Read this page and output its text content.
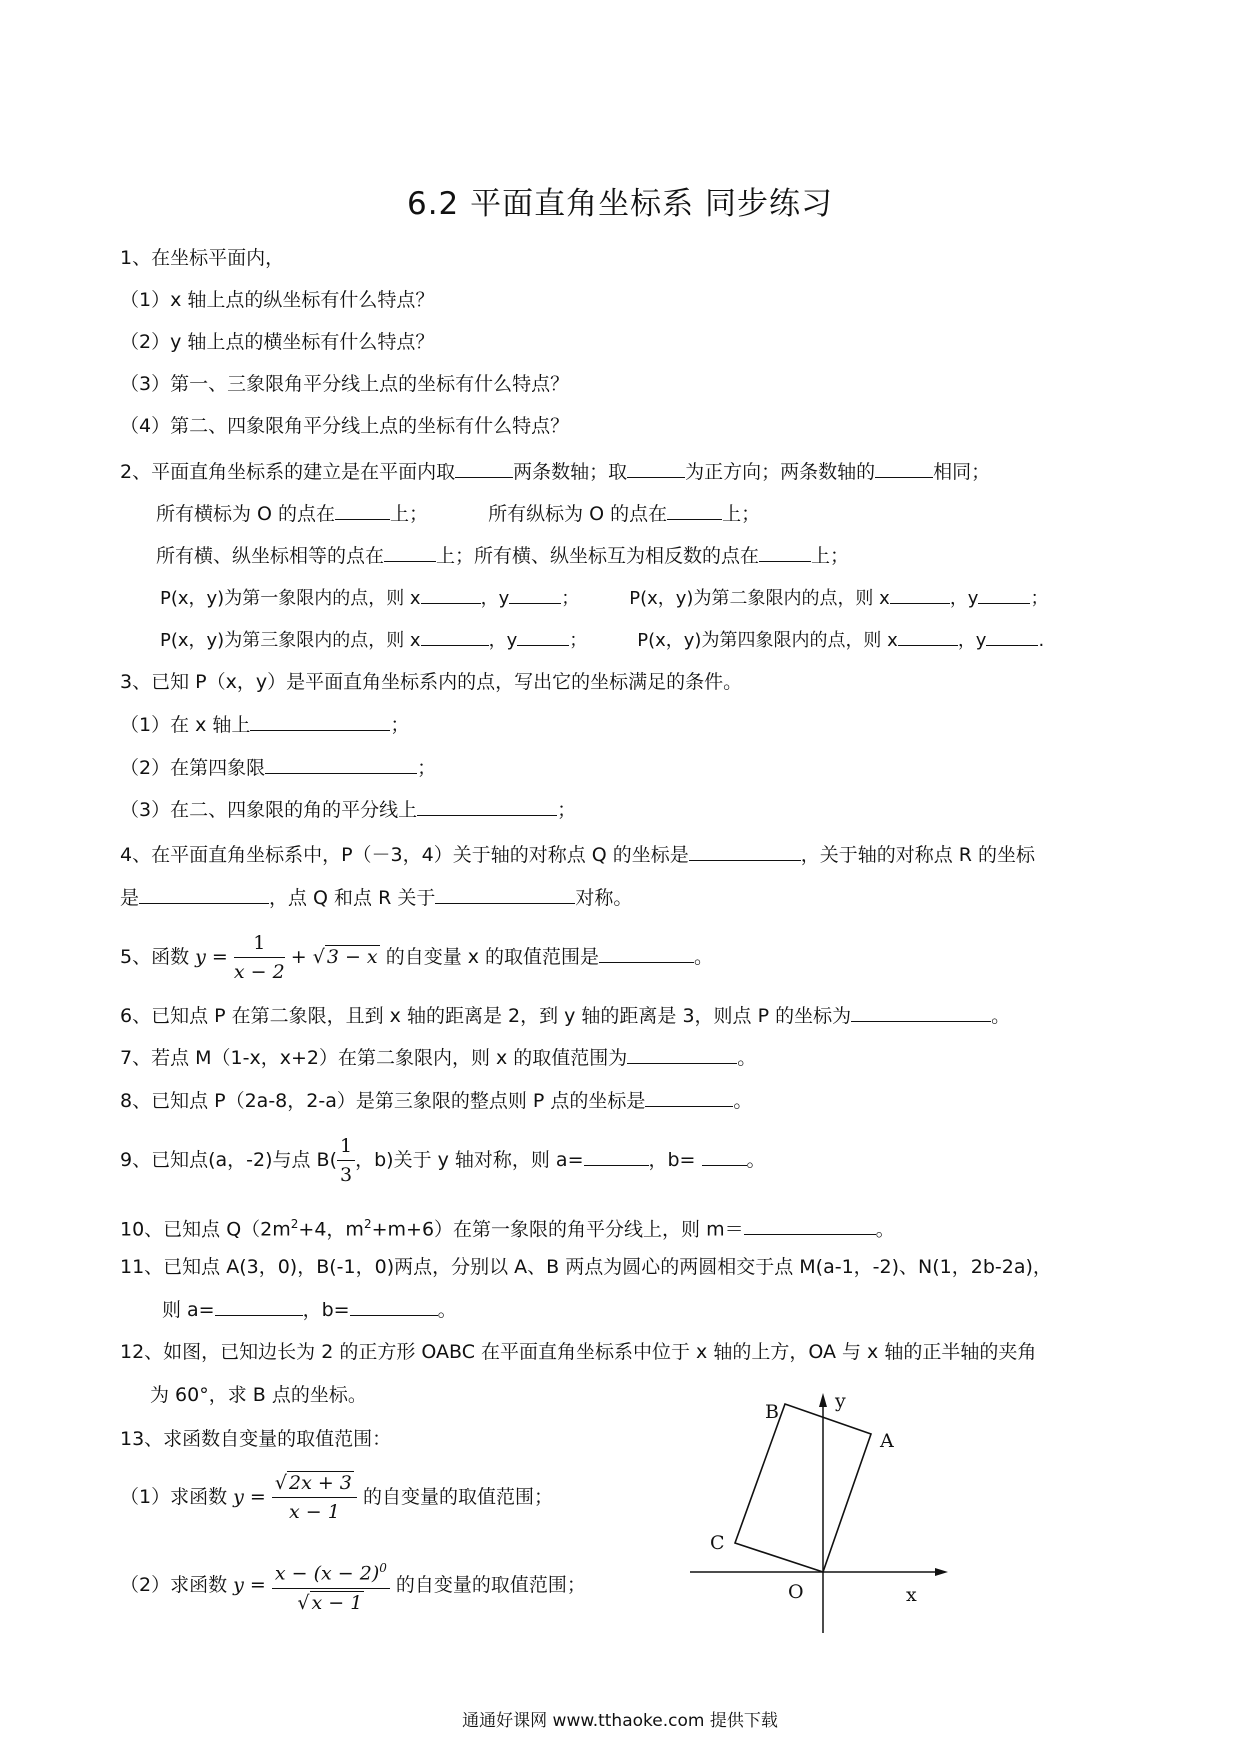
6.2 平面直角坐标系 同步练习
1、在坐标平面内，
（1）x 轴上点的纵坐标有什么特点？
（2）y 轴上点的横坐标有什么特点？
（3）第一、三象限角平分线上点的坐标有什么特点？
（4）第二、四象限角平分线上点的坐标有什么特点？
2、平面直角坐标系的建立是在平面内取	两条数轴；取	为正方向；两条数轴的	相同；
所有横标为 O 的点在	上；	所有纵标为 O 的点在	上；
所有横、纵坐标相等的点在	上；所有横、纵坐标互为相反数的点在	上；
P(x，y)为第一象限内的点，则 x	，y	；	P(x，y)为第二象限内的点，则 x	，y	；
P(x，y)为第三象限内的点，则 x	，y	；	P(x，y)为第四象限内的点，则 x	，y	.
3、已知 P（x，y）是平面直角坐标系内的点，写出它的坐标满足的条件。
（1）在 x 轴上	；
（2）在第四象限	；
（3）在二、四象限的角的平分线上	；
4、在平面直角坐标系中，P（－3，4）关于轴的对称点 Q 的坐标是	，关于轴的对称点 R 的坐标
是	，点 Q 和点 R 关于	对称。
5、函数 $y = \frac{1}{x - 2}$ + √ 3 − x 的自变量 x 的取值范围是	。
6、已知点 P 在第二象限，且到 x 轴的距离是 2，到 y 轴的距离是 3，则点 P 的坐标为	。
7、若点 M（1-x，x+2）在第二象限内，则 x 的取值范围为	。
8、已知点 P（2a-8，2-a）是第三象限的整点则 P 点的坐标是	。
9、已知点(a，-2)与点 $B( \frac{1}{3}$ ，b)关于 y 轴对称，则 a=	，b=	。
10、已知点 $Q(2m^2+4$，$m^2+m+6$）在第一象限的角平分线上，则 m＝	。
11、已知点 A(3，0)，B(-1，0)两点，分别以 A、B 两点为圆心的两圆相交于点 M(a-1，-2)、N(1，2b-2a)，
则 a=	，b=	。
12、如图，已知边长为 2 的正方形 OABC 在平面直角坐标系中位于 x 轴的上方，OA 与 x 轴的正半轴的夹角
为 60°，求 B 点的坐标。
13、求函数自变量的取值范围：
（1）求函数 $y = \frac{√ 2x + 3}{x - 1}$ 的自变量的取值范围；
（2）求函数 $y = \frac{x - (x - 2)^0}{√ x - 1}$ 的自变量的取值范围；
B
A
C
O	x
y
通通好课网 www.tthaoke.com 提供下载
